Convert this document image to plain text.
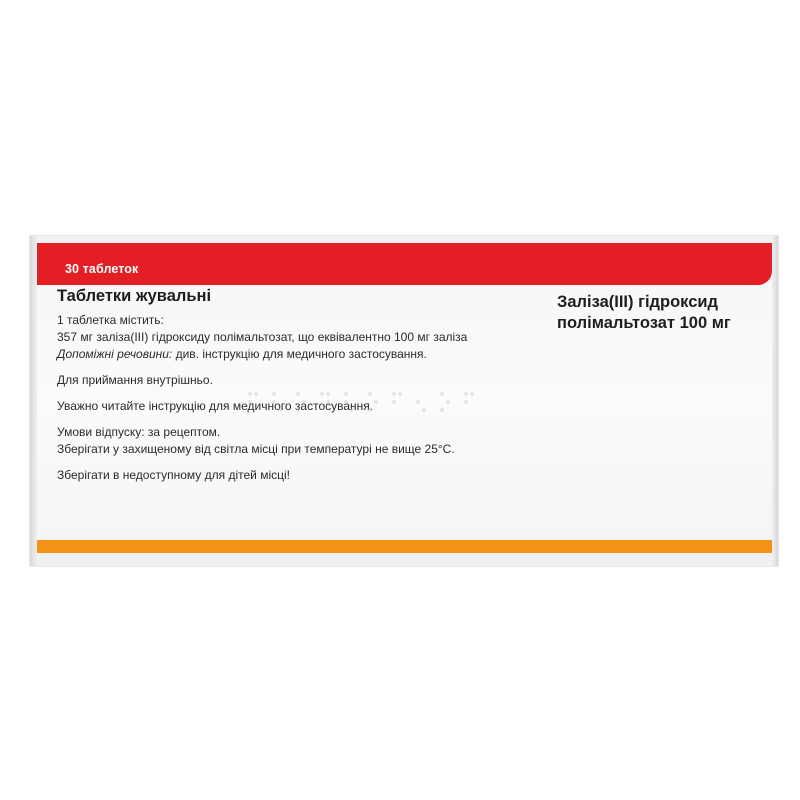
30 таблеток

Таблетки жувальні

1 таблетка містить:

357 мг заліза(III) гідроксиду полімальтозат, що еквівалентно 100 мг заліза

Допоміжні речовини: див. інструкцію для медичного застосування.

Для приймання внутрішньо.

Уважно читайте інструкцію для медичного застосування.

Умови відпуску: за рецептом.

Зберігати у захищеному від світла місці при температурі не вище 25°С.

Зберігати в недоступному для дітей місці!

Заліза(III) гідроксид
полімальтозат 100 мг
